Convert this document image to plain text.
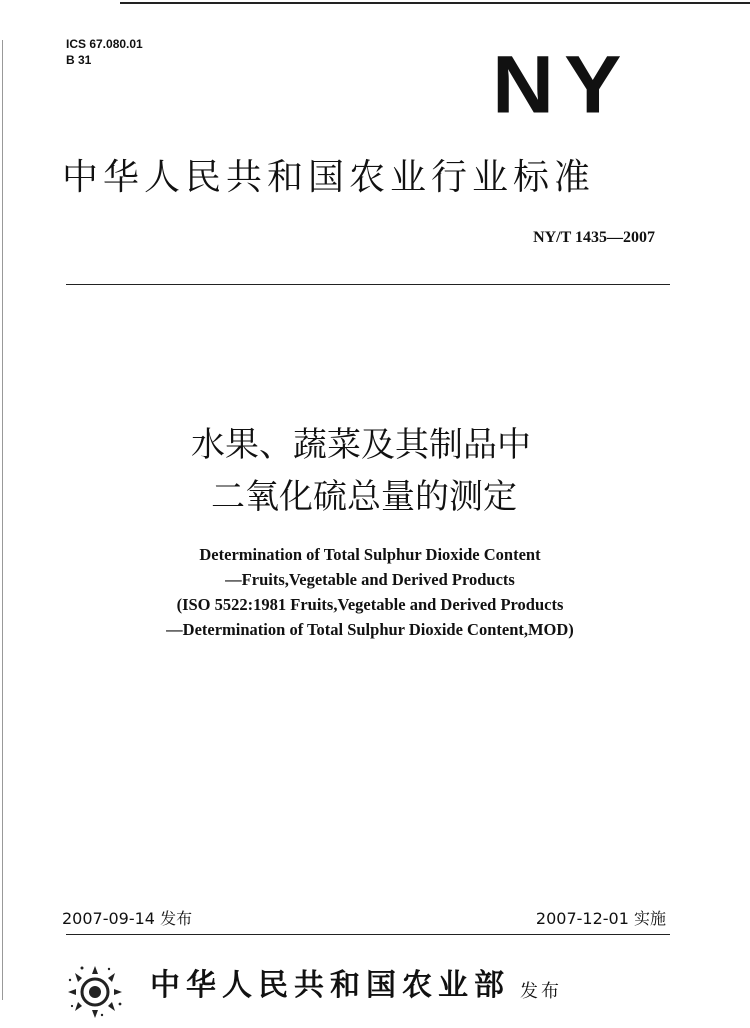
ICS 67.080.01
B 31	NY
中华人民共和国农业行业标准
NY/T 1435—2007
水果、蔬菜及其制品中
二氧化硫总量的测定
Determination of Total Sulphur Dioxide Content
—Fruits,Vegetable and Derived Products
(ISO 5522:1981 Fruits,Vegetable and Derived Products
—Determination of Total Sulphur Dioxide Content,MOD)
2007-09-14 发布	2007-12-01 实施
中华人民共和国农业部 发布
